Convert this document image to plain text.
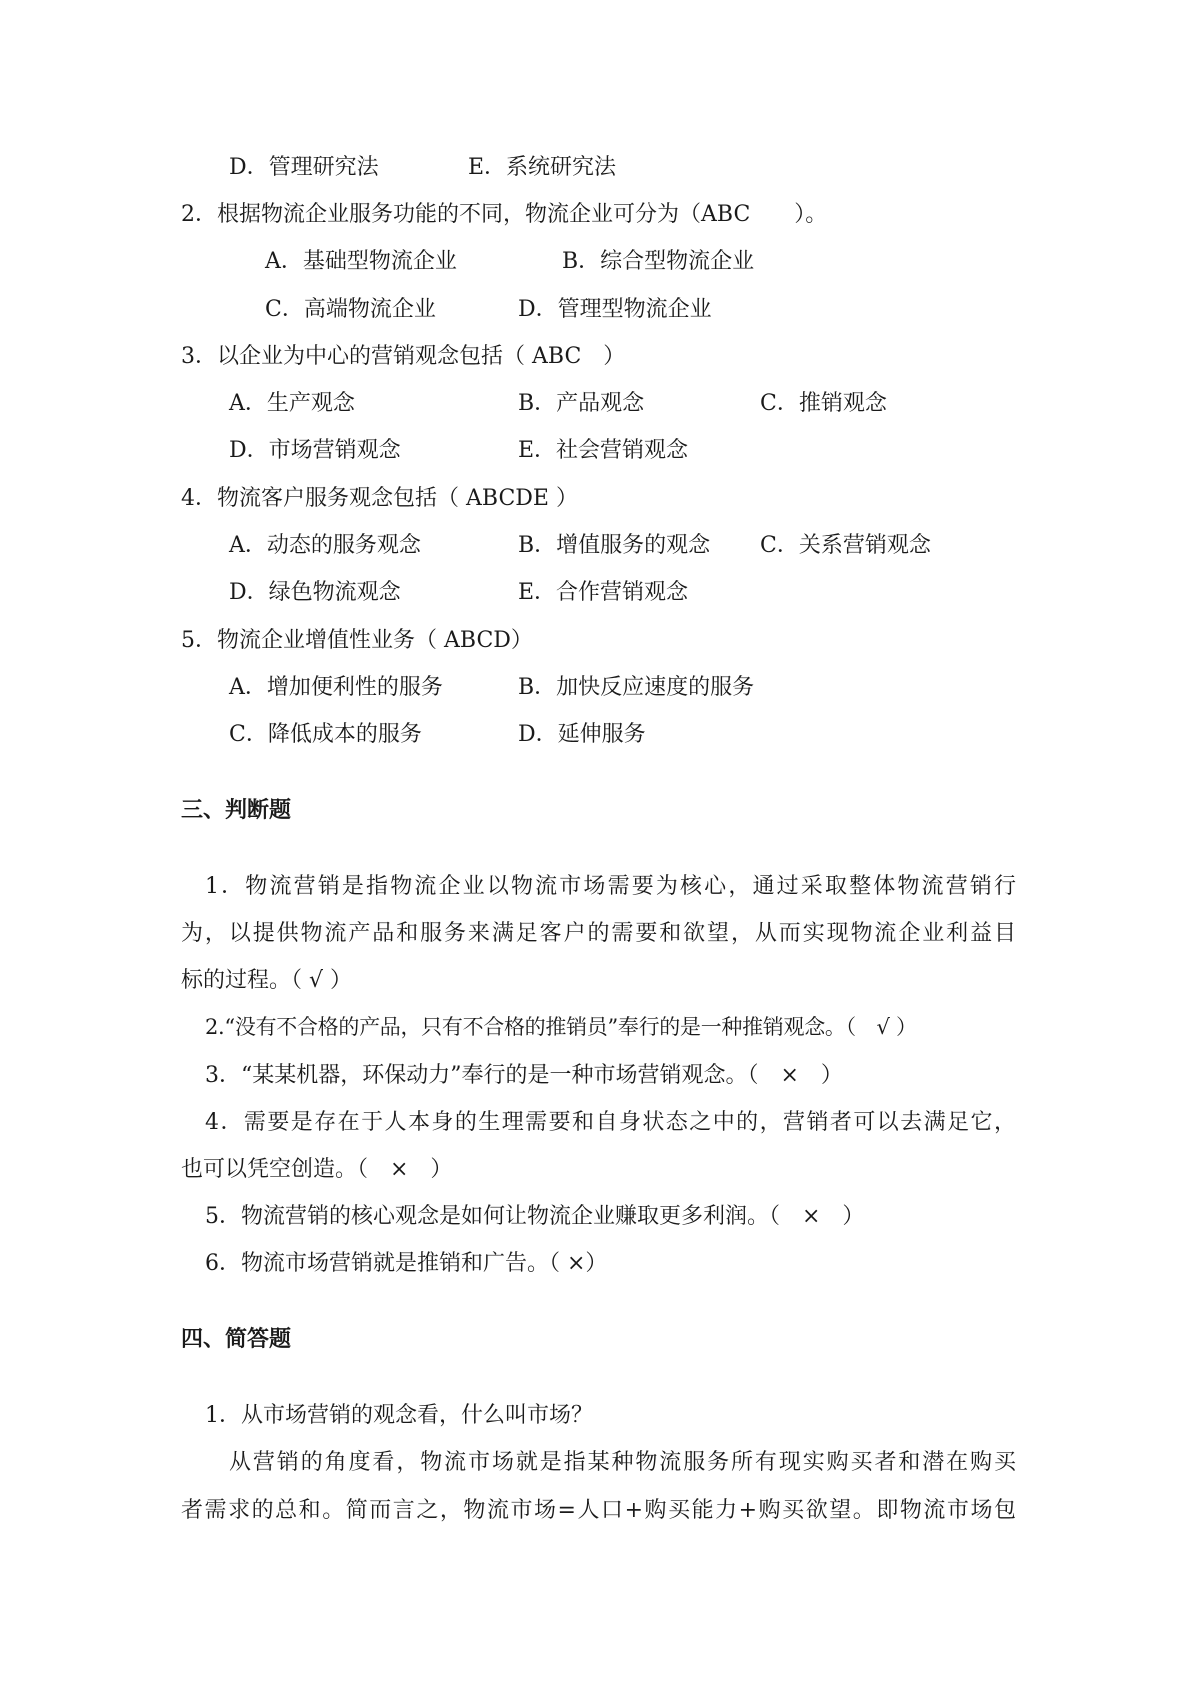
D．管理研究法	E．系统研究法
2．根据物流企业服务功能的不同，物流企业可分为（ABC　　）。
A．基础型物流企业	B．综合型物流企业
C．高端物流企业	D．管理型物流企业
3．以企业为中心的营销观念包括（ ABC　）
A．生产观念	B．产品观念	C．推销观念
D．市场营销观念	E．社会营销观念
4．物流客户服务观念包括（ ABCDE ）
A．动态的服务观念	B．增值服务的观念 C．关系营销观念
D．绿色物流观念	E．合作营销观念
5．物流企业增值性业务（ ABCD）
A．增加便利性的服务	B．加快反应速度的服务
C．降低成本的服务	D．延伸服务
三、判断题
1．物流营销是指物流企业以物流市场需要为核心，通过采取整体物流营销行
为，以提供物流产品和服务来满足客户的需要和欲望，从而实现物流企业利益目
标的过程。（ √ ）
2.“没有不合格的产品，只有不合格的推销员”奉行的是一种推销观念。（　√ ）
3．“某某机器，环保动力”奉行的是一种市场营销观念。（　×　）
4．需要是存在于人本身的生理需要和自身状态之中的，营销者可以去满足它，
也可以凭空创造。（　×　）
5．物流营销的核心观念是如何让物流企业赚取更多利润。（　×　）
6．物流市场营销就是推销和广告。（ ×）
四、简答题
1．从市场营销的观念看，什么叫市场？
从营销的角度看，物流市场就是指某种物流服务所有现实购买者和潜在购买
者需求的总和。简而言之，物流市场=人口+购买能力+购买欲望。即物流市场包
